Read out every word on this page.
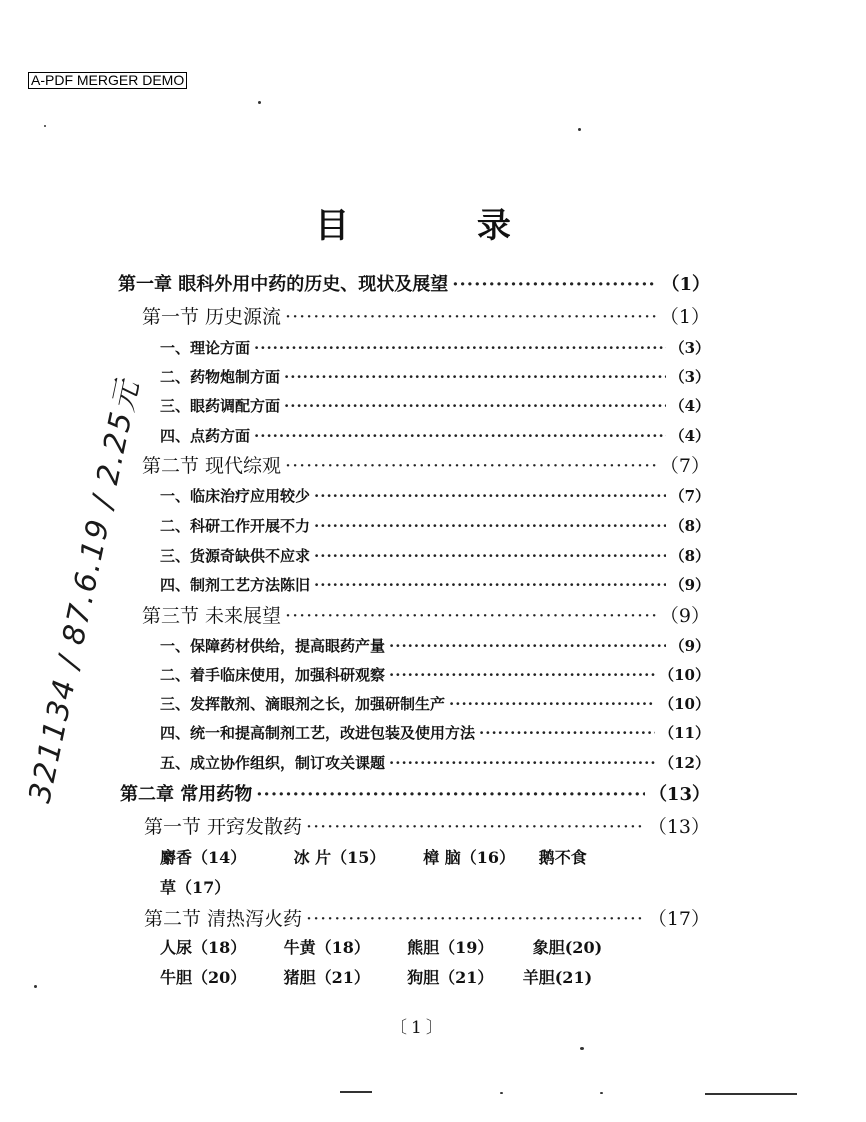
A-PDF MERGER DEMO
目 录
第一章 眼科外用中药的历史、现状及展望 ·····	（1）
第一节 历史源流 ·····	（1）
一、理论方面 ·····	（3）
二、药物炮制方面 ·····	（3）
三、眼药调配方面 ·····	（4）
四、点药方面 ·····	（4）
第二节 现代综观 ·····	（7）
一、临床治疗应用较少 ·····	（7）
二、科研工作开展不力 ·····	（8）
三、货源奇缺供不应求 ·····	（8）
四、制剂工艺方法陈旧 ·····	（9）
第三节 未来展望 ·····	（9）
一、保障药材供给，提高眼药产量 ·····	（9）
二、着手临床使用，加强科研观察 ·····	（10）
三、发挥散剂、滴眼剂之长，加强研制生产 ·····	（10）
四、统一和提高制剂工艺，改进包装及使用方法 ·····	（11）
五、成立协作组织，制订攻关课题 ·····	（12）
第二章 常用药物 ·····	（13）
第一节 开窍发散药 ·····	（13）
麝香（14）	冰 片（15） 樟 脑（16） 鹅不食
草（17）
第二节 清热泻火药 ·····	（17）
人尿（18） 牛黄（18） 熊胆（19） 象胆(20)
牛胆（20） 猪胆（21） 狗胆（21） 羊胆(21)
〔1〕
321134 / 87.6.19 / 2.25元
